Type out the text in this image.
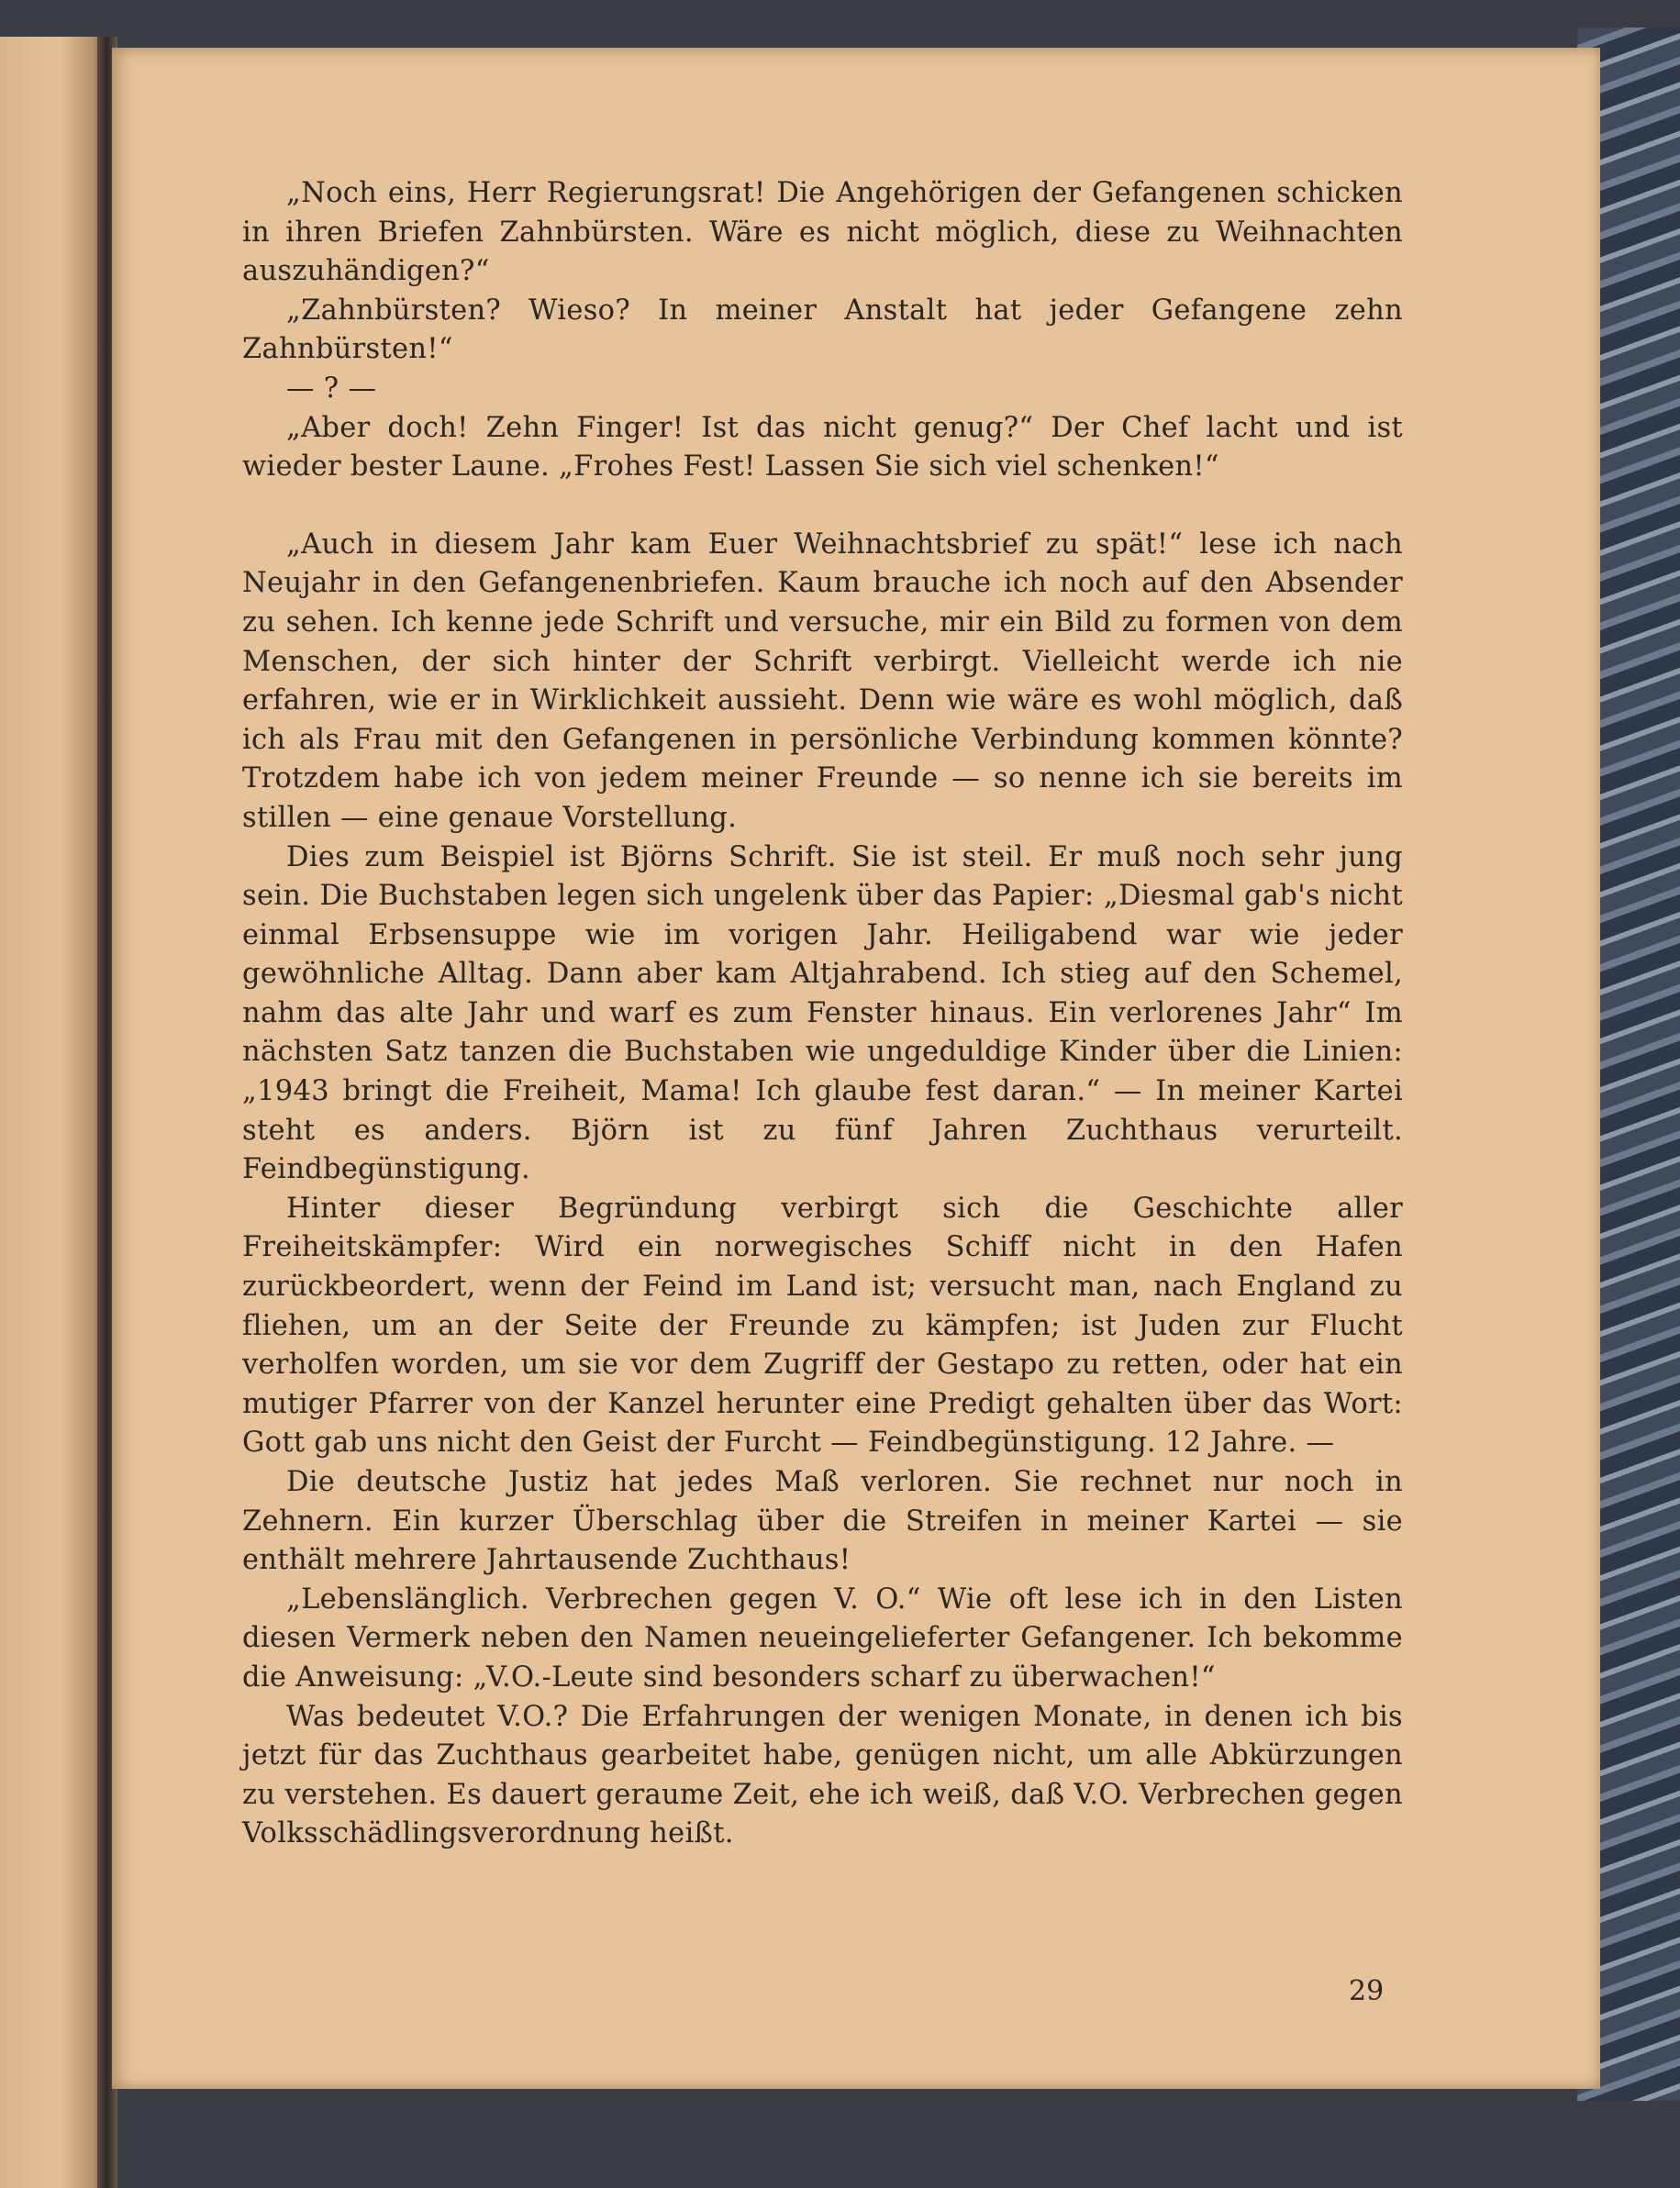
„Noch eins, Herr Regierungsrat! Die Angehörigen der Gefangenen schicken in ihren Briefen Zahnbürsten. Wäre es nicht möglich, diese zu Weihnachten auszuhändigen?“

„Zahnbürsten? Wieso? In meiner Anstalt hat jeder Gefangene zehn Zahnbürsten!“

— ? —

„Aber doch! Zehn Finger! Ist das nicht genug?“ Der Chef lacht und ist wieder bester Laune. „Frohes Fest! Lassen Sie sich viel schenken!“

„Auch in diesem Jahr kam Euer Weihnachtsbrief zu spät!“ lese ich nach Neujahr in den Gefangenenbriefen. Kaum brauche ich noch auf den Absender zu sehen. Ich kenne jede Schrift und versuche, mir ein Bild zu formen von dem Menschen, der sich hinter der Schrift verbirgt. Vielleicht werde ich nie erfahren, wie er in Wirklichkeit aussieht. Denn wie wäre es wohl möglich, daß ich als Frau mit den Gefangenen in persönliche Verbindung kommen könnte? Trotzdem habe ich von jedem meiner Freunde — so nenne ich sie bereits im stillen — eine genaue Vorstellung.

Dies zum Beispiel ist Björns Schrift. Sie ist steil. Er muß noch sehr jung sein. Die Buchstaben legen sich ungelenk über das Papier: „Diesmal gab's nicht einmal Erbsensuppe wie im vorigen Jahr. Heiligabend war wie jeder gewöhnliche Alltag. Dann aber kam Altjahrabend. Ich stieg auf den Schemel, nahm das alte Jahr und warf es zum Fenster hinaus. Ein verlorenes Jahr“ Im nächsten Satz tanzen die Buchstaben wie ungeduldige Kinder über die Linien: „1943 bringt die Freiheit, Mama! Ich glaube fest daran.“ — In meiner Kartei steht es anders. Björn ist zu fünf Jahren Zuchthaus verurteilt. Feindbegünstigung.

Hinter dieser Begründung verbirgt sich die Geschichte aller Freiheitskämpfer: Wird ein norwegisches Schiff nicht in den Hafen zurückbeordert, wenn der Feind im Land ist; versucht man, nach England zu fliehen, um an der Seite der Freunde zu kämpfen; ist Juden zur Flucht verholfen worden, um sie vor dem Zugriff der Gestapo zu retten, oder hat ein mutiger Pfarrer von der Kanzel herunter eine Predigt gehalten über das Wort: Gott gab uns nicht den Geist der Furcht — Feindbegünstigung. 12 Jahre. —

Die deutsche Justiz hat jedes Maß verloren. Sie rechnet nur noch in Zehnern. Ein kurzer Überschlag über die Streifen in meiner Kartei — sie enthält mehrere Jahrtausende Zuchthaus!

„Lebenslänglich. Verbrechen gegen V. O.“ Wie oft lese ich in den Listen diesen Vermerk neben den Namen neueingelieferter Gefangener. Ich bekomme die Anweisung: „V.O.-Leute sind besonders scharf zu überwachen!“

Was bedeutet V.O.? Die Erfahrungen der wenigen Monate, in denen ich bis jetzt für das Zuchthaus gearbeitet habe, genügen nicht, um alle Abkürzungen zu verstehen. Es dauert geraume Zeit, ehe ich weiß, daß V.O. Verbrechen gegen Volksschädlingsverordnung heißt.

29
